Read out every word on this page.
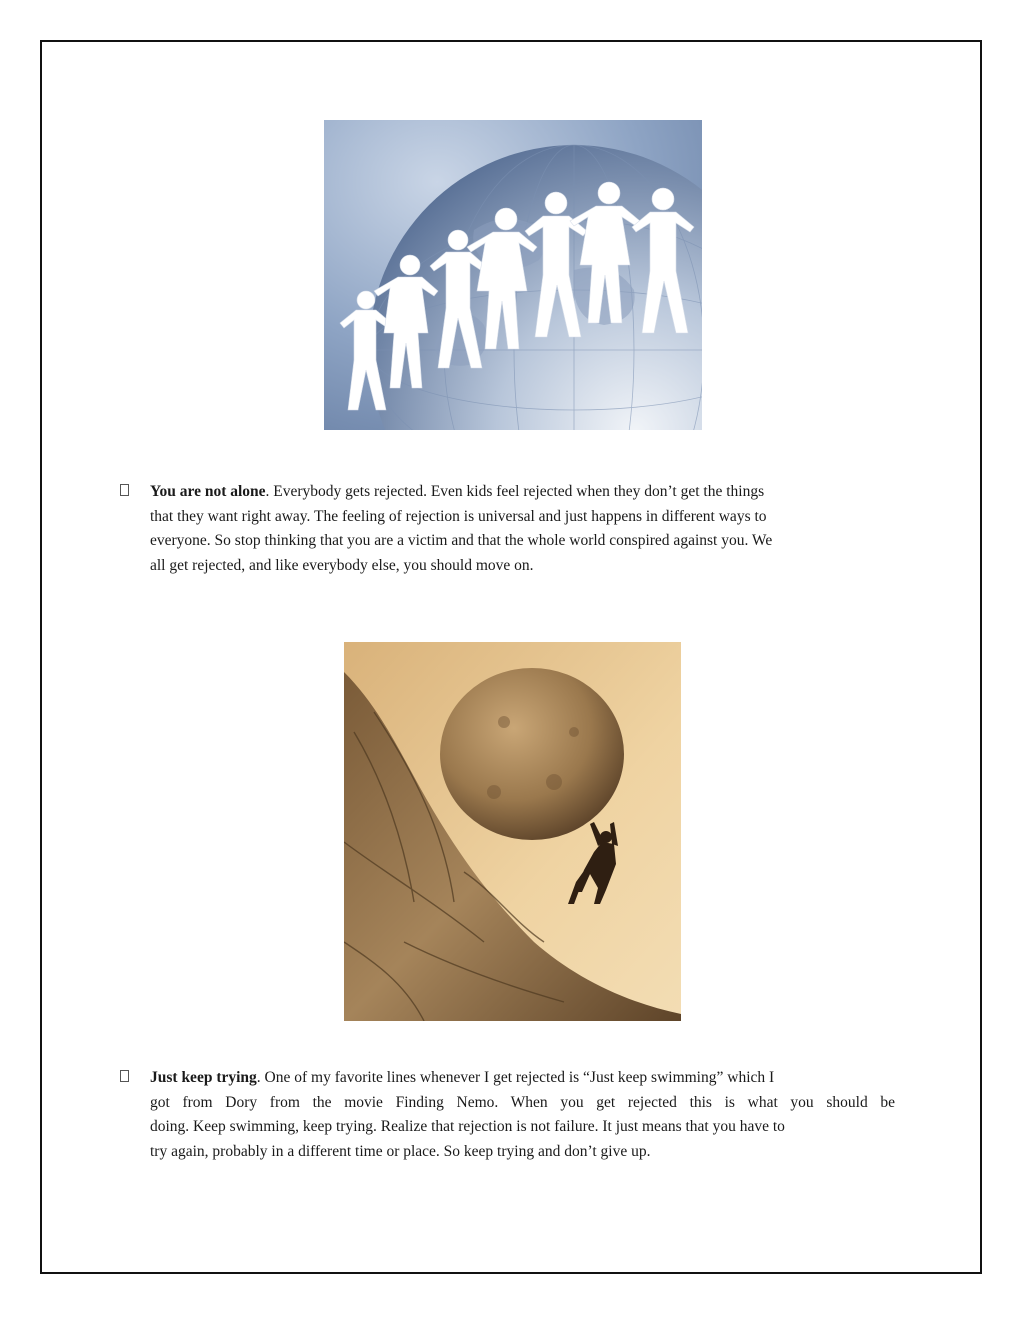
You are not alone. Everybody gets rejected. Even kids feel rejected when they don’t get the things
that they want right away. The feeling of rejection is universal and just happens in different ways to
everyone. So stop thinking that you are a victim and that the whole world conspired against you. We
all get rejected, and like everybody else, you should move on.
Just keep trying. One of my favorite lines whenever I get rejected is “Just keep swimming” which I
got from Dory from the movie Finding Nemo. When you get rejected this is what you should be
doing. Keep swimming, keep trying. Realize that rejection is not failure. It just means that you have to
try again, probably in a different time or place. So keep trying and don’t give up.
